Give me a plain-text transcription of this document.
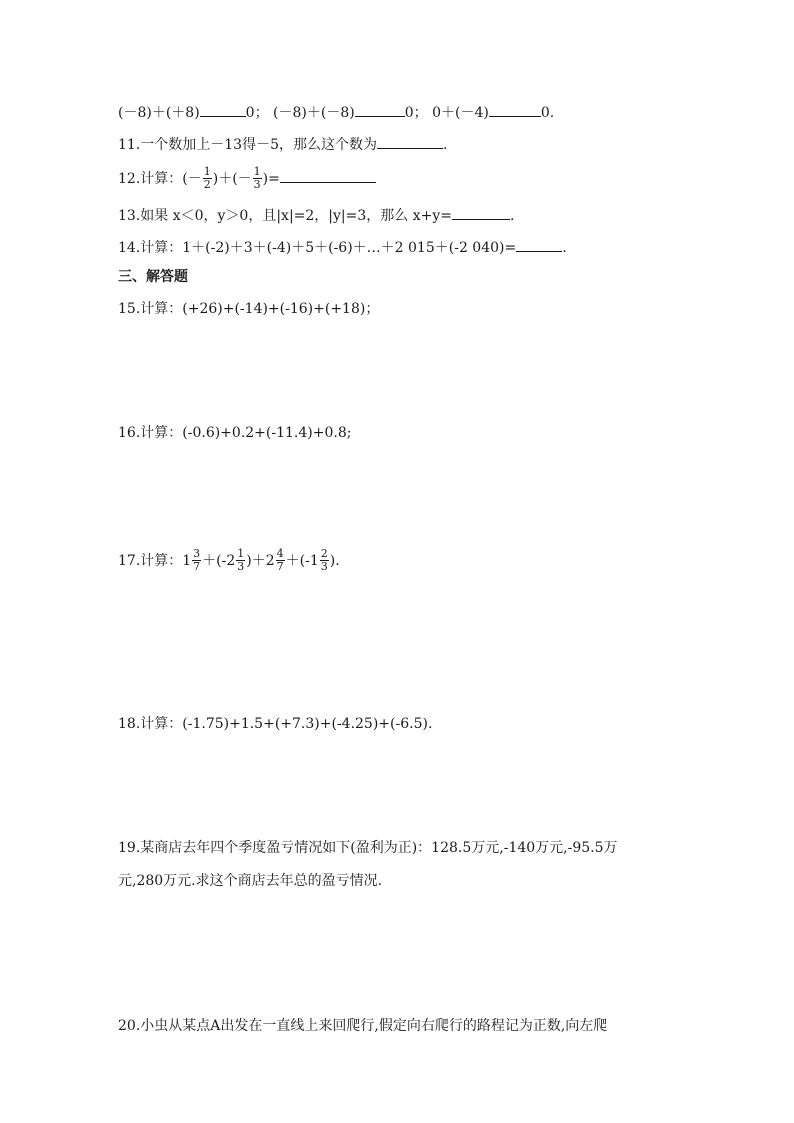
(－8)＋(＋8)	0； (－8)＋(－8)	0； 0＋(－4)	0.
11.一个数加上－13得－5，那么这个数为	.
12.计算：(－ $\frac{1}{2}$ )＋(－ $\frac{1}{3}$ )=
13.如果 x＜0，y＞0，且|x|=2，|y|=3，那么 x+y=	.
14.计算：1＋(-2)＋3＋(-4)＋5＋(-6)＋…＋2 015＋(-2 040)=	.
三、解答题
15.计算：(+26)+(-14)+(-16)+(+18)；
16.计算：(-0.6)+0.2+(-11.4)+0.8;
17.计算：$1 \frac{3}{7} +(-2 \frac{1}{3} )+2 \frac{4}{7} +(-1 \frac{2}{3}$ ).
18.计算：(-1.75)+1.5+(+7.3)+(-4.25)+(-6.5).
19.某商店去年四个季度盈亏情况如下(盈利为正)：128.5万元,-140万元,-95.5万
元,280万元.求这个商店去年总的盈亏情况.
20.小虫从某点A出发在一直线上来回爬行,假定向右爬行的路程记为正数,向左爬
